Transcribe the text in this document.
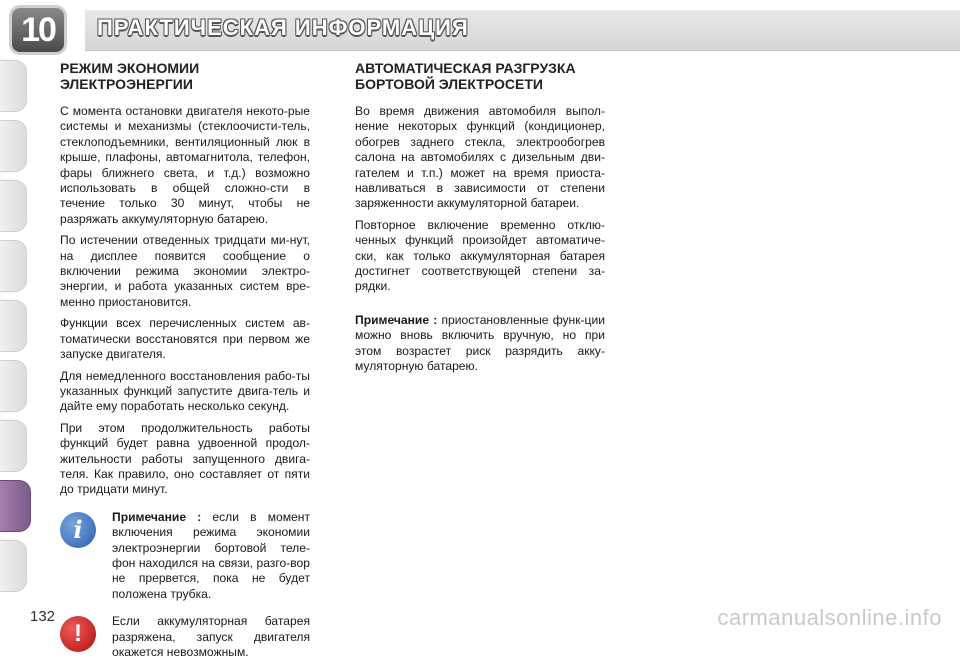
10	ПРАКТИЧЕСКАЯ ИНФОРМАЦИЯ
РЕЖИМ ЭКОНОМИИ
ЭЛЕКТРОЭНЕРГИИ

С момента остановки двигателя некото-рые системы и механизмы (стеклоочисти-тель, стеклоподъемники, вентиляционный люк в крыше, плафоны, автомагнитола, телефон, фары ближнего света, и т.д.) возможно использовать в общей сложно-сти в течение только 30 минут, чтобы не разряжать аккумуляторную батарею.

По истечении отведенных тридцати ми-нут, на дисплее появится сообщение о включении режима экономии электро-энергии, и работа указанных систем вре-менно приостановится.

Функции всех перечисленных систем ав-томатически восстановятся при первом же запуске двигателя.

Для немедленного восстановления рабо-ты указанных функций запустите двига-тель и дайте ему поработать несколько секунд.

При этом продолжительность работы функций будет равна удвоенной продол-жительности работы запущенного двига-теля. Как правило, оно составляет от пяти до тридцати минут.

i	Примечание : если в момент включения режима экономии электроэнергии бортовой теле-фон находился на связи, разго-вор не прервется, пока не будет положена трубка.

!	Если аккумуляторная батарея разряжена, запуск двигателя окажется невозможным.

АВТОМАТИЧЕСКАЯ РАЗГРУЗКА
БОРТОВОЙ ЭЛЕКТРОСЕТИ

Во время движения автомобиля выпол-нение некоторых функций (кондиционер, обогрев заднего стекла, электрообогрев салона на автомобилях с дизельным дви-гателем и т.п.) может на время приоста-навливаться в зависимости от степени заряженности аккумуляторной батареи.

Повторное включение временно отклю-ченных функций произойдет автоматиче-ски, как только аккумуляторная батарея достигнет соответствующей степени за-рядки.

Примечание : приостановленные функ-ции можно вновь включить вручную, но при этом возрастет риск разрядить акку-муляторную батарею.

132	carmanualsonline.info
